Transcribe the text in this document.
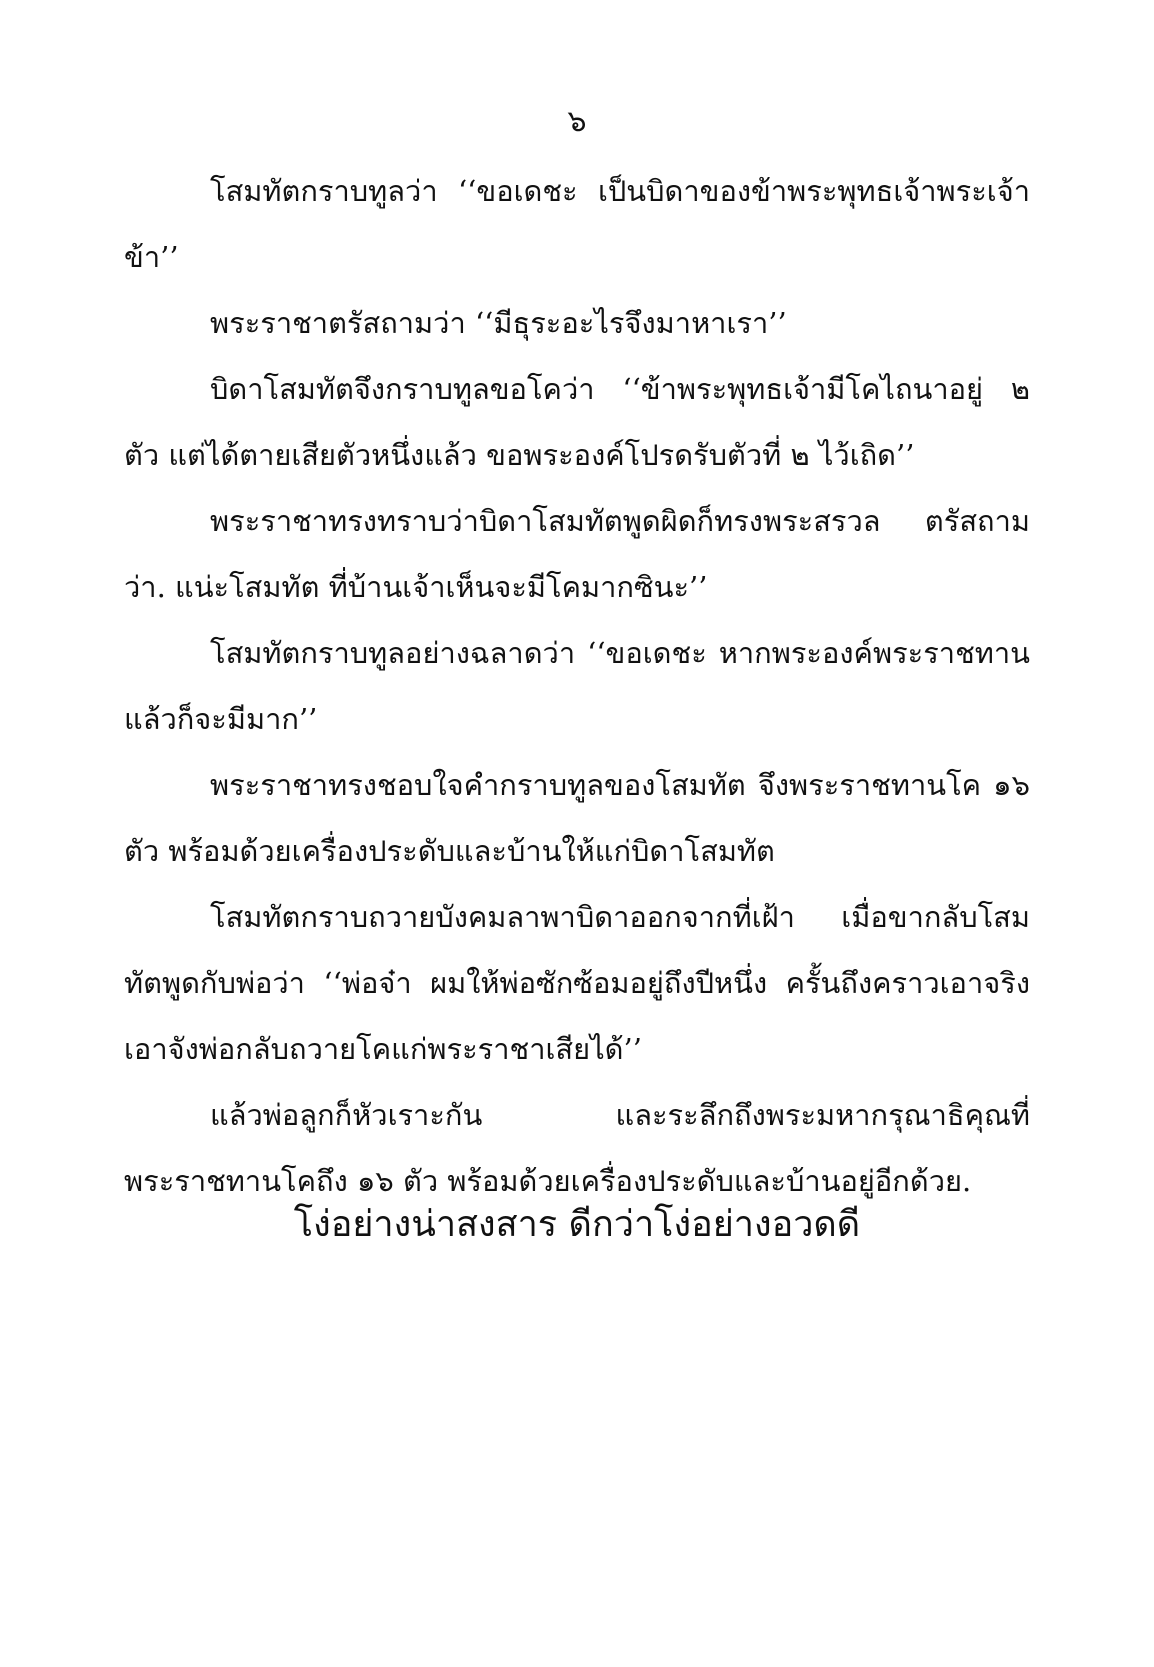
๖

โสมทัตกราบทูลว่า ‘‘ขอเดชะ เป็นบิดาของข้าพระพุทธเจ้าพระเจ้าข้า’’

พระราชาตรัสถามว่า ‘‘มีธุระอะไรจึงมาหาเรา’’

บิดาโสมทัตจึงกราบทูลขอโคว่า ‘‘ข้าพระพุทธเจ้ามีโคไถนาอยู่ ๒ ตัว แต่ได้ตายเสียตัวหนึ่งแล้ว ขอพระองค์โปรดรับตัวที่ ๒ ไว้เถิด’’

พระราชาทรงทราบว่าบิดาโสมทัตพูดผิดก็ทรงพระสรวล ตรัสถามว่า. แน่ะโสมทัต ที่บ้านเจ้าเห็นจะมีโคมากซินะ’’

โสมทัตกราบทูลอย่างฉลาดว่า ‘‘ขอเดชะ หากพระองค์พระราชทานแล้วก็จะมีมาก’’

พระราชาทรงชอบใจคำกราบทูลของโสมทัต จึงพระราชทานโค ๑๖ ตัว พร้อมด้วยเครื่องประดับและบ้านให้แก่บิดาโสมทัต

โสมทัตกราบถวายบังคมลาพาบิดาออกจากที่เฝ้า เมื่อขากลับโสมทัตพูดกับพ่อว่า ‘‘พ่อจ๋า ผมให้พ่อซักซ้อมอยู่ถึงปีหนึ่ง ครั้นถึงคราวเอาจริงเอาจังพ่อกลับถวายโคแก่พระราชาเสียได้’’

แล้วพ่อลูกก็หัวเราะกัน และระลึกถึงพระมหากรุณาธิคุณที่พระราชทานโคถึง ๑๖ ตัว พร้อมด้วยเครื่องประดับและบ้านอยู่อีกด้วย.

โง่อย่างน่าสงสาร ดีกว่าโง่อย่างอวดดี
